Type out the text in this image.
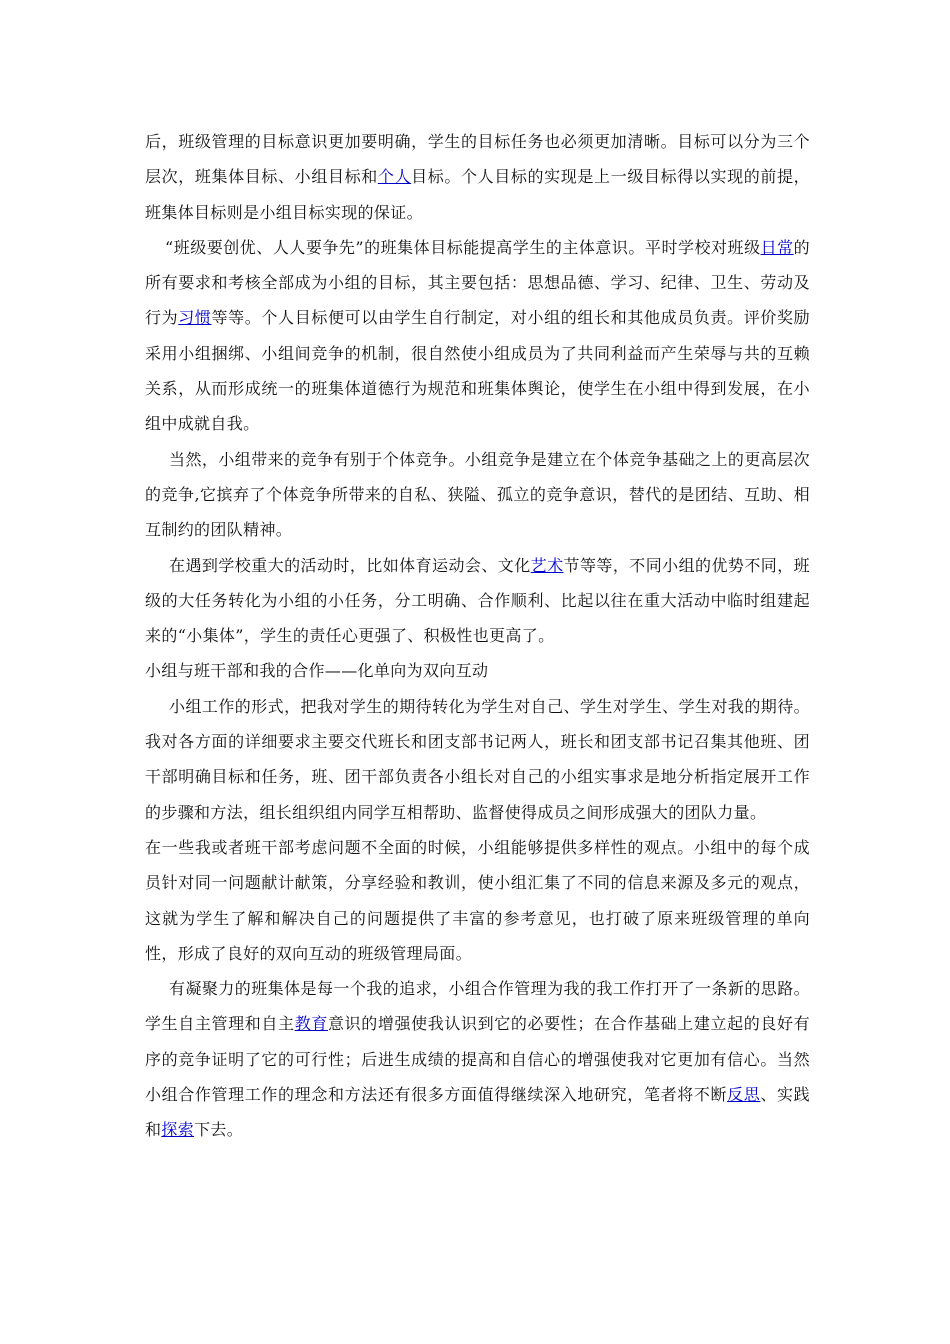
后，班级管理的目标意识更加要明确，学生的目标任务也必须更加清晰。目标可以分为三个层次，班集体目标、小组目标和个人目标。个人目标的实现是上一级目标得以实现的前提，班集体目标则是小组目标实现的保证。

“班级要创优、人人要争先”的班集体目标能提高学生的主体意识。平时学校对班级日常的所有要求和考核全部成为小组的目标，其主要包括：思想品德、学习、纪律、卫生、劳动及行为习惯等等。个人目标便可以由学生自行制定，对小组的组长和其他成员负责。评价奖励采用小组捆绑、小组间竞争的机制，很自然使小组成员为了共同利益而产生荣辱与共的互赖关系，从而形成统一的班集体道德行为规范和班集体舆论，使学生在小组中得到发展，在小组中成就自我。

当然，小组带来的竞争有别于个体竞争。小组竞争是建立在个体竞争基础之上的更高层次的竞争,它摈弃了个体竞争所带来的自私、狭隘、孤立的竞争意识，替代的是团结、互助、相互制约的团队精神。

在遇到学校重大的活动时，比如体育运动会、文化艺术节等等，不同小组的优势不同，班级的大任务转化为小组的小任务，分工明确、合作顺利、比起以往在重大活动中临时组建起来的“小集体”，学生的责任心更强了、积极性也更高了。

小组与班干部和我的合作——化单向为双向互动

小组工作的形式，把我对学生的期待转化为学生对自己、学生对学生、学生对我的期待。我对各方面的详细要求主要交代班长和团支部书记两人，班长和团支部书记召集其他班、团干部明确目标和任务，班、团干部负责各小组长对自己的小组实事求是地分析指定展开工作的步骤和方法，组长组织组内同学互相帮助、监督使得成员之间形成强大的团队力量。

在一些我或者班干部考虑问题不全面的时候，小组能够提供多样性的观点。小组中的每个成员针对同一问题献计献策，分享经验和教训，使小组汇集了不同的信息来源及多元的观点，这就为学生了解和解决自己的问题提供了丰富的参考意见，也打破了原来班级管理的单向性，形成了良好的双向互动的班级管理局面。

有凝聚力的班集体是每一个我的追求，小组合作管理为我的我工作打开了一条新的思路。学生自主管理和自主教育意识的增强使我认识到它的必要性；在合作基础上建立起的良好有序的竞争证明了它的可行性；后进生成绩的提高和自信心的增强使我对它更加有信心。当然小组合作管理工作的理念和方法还有很多方面值得继续深入地研究，笔者将不断反思、实践和探索下去。
